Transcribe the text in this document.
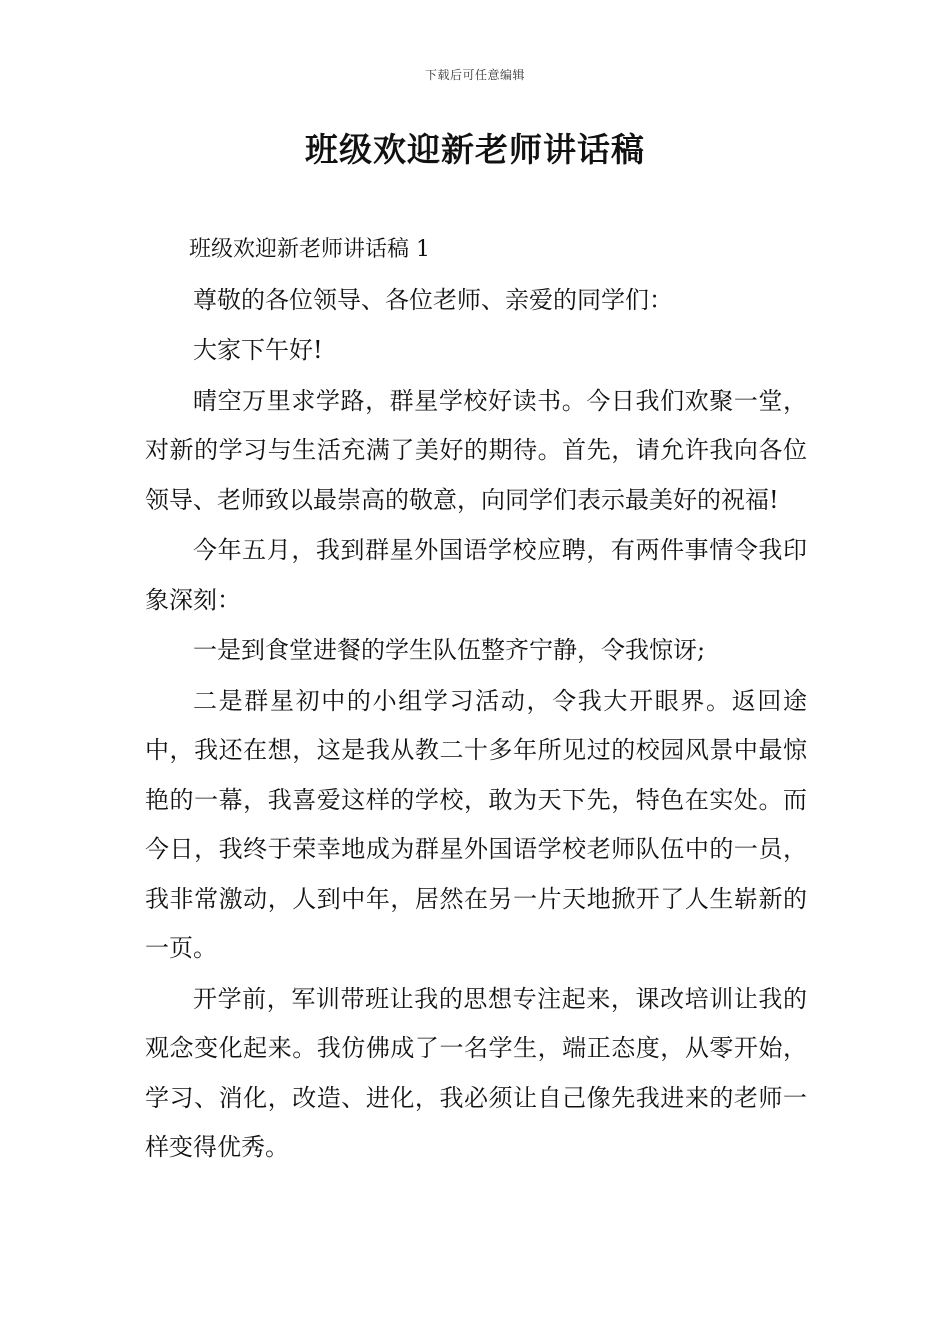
下载后可任意编辑
班级欢迎新老师讲话稿

班级欢迎新老师讲话稿 1

尊敬的各位领导、各位老师、亲爱的同学们：

大家下午好!

晴空万里求学路，群星学校好读书。今日我们欢聚一堂，对新的学习与生活充满了美好的期待。首先，请允许我向各位领导、老师致以最崇高的敬意，向同学们表示最美好的祝福!

今年五月，我到群星外国语学校应聘，有两件事情令我印象深刻：

一是到食堂进餐的学生队伍整齐宁静，令我惊讶;

二是群星初中的小组学习活动，令我大开眼界。返回途中，我还在想，这是我从教二十多年所见过的校园风景中最惊艳的一幕，我喜爱这样的学校，敢为天下先，特色在实处。而今日，我终于荣幸地成为群星外国语学校老师队伍中的一员，我非常激动，人到中年，居然在另一片天地掀开了人生崭新的一页。

开学前，军训带班让我的思想专注起来，课改培训让我的观念变化起来。我仿佛成了一名学生，端正态度，从零开始，学习、消化，改造、进化，我必须让自己像先我进来的老师一样变得优秀。
